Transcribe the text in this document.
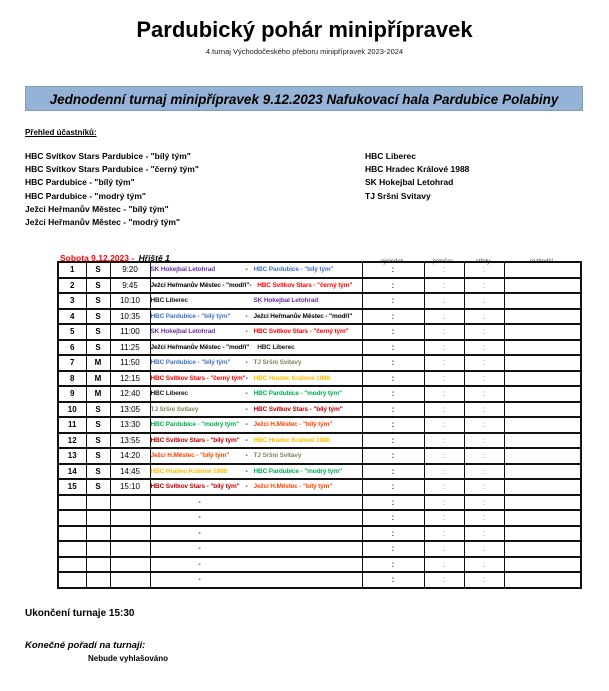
Pardubický pohár minipřípravek
4.turnaj Východočeského přeboru minipřípravek 2023-2024
Jednodenní turnaj minipřípravek 9.12.2023 Nafukovací hala Pardubice Polabiny
Přehled účastníků:
HBC Svítkov Stars Pardubice - "bílý tým"
HBC Svítkov Stars Pardubice - "černý tým"
HBC Pardubice - "bílý tým"
HBC Pardubice - "modrý tým"
Ježci Heřmanův Městec - "bílý tým"
Ježci Heřmanův Městec - "modrý tým"
HBC Liberec
HBC Hradec Králové 1988
SK Hokejbal Letohrad
TJ Sršni Svitavy
Sobota 9.12.2023 - Hřiště 1	výsledek	poločas	střely	rozhodčí
1	S	9:20	SK Hokejbal Letohrad - HBC Pardubice - "bílý tým"	:	:	:	
2	S	9:45	Ježci Heřmanův Městec - "modří" - HBC Svítkov Stars - "černý tým"	:	:	:	
3	S	10:10	HBC Liberec SK Hokejbal Letohrad	:	:	:	
4	S	10:35	HBC Pardubice - "bílý tým" - Ježci Heřmanův Městec - "modří"	:	:	:	
5	S	11:00	SK Hokejbal Letohrad - HBC Svítkov Stars - "černý tým"	:	:	:	
6	S	11:25	Ježci Heřmanův Městec - "modří" HBC Liberec	:	:	:	
7	M	11:50	HBC Pardubice - "bílý tým" - TJ Sršni Svitavy	:	:	:	
8	M	12:15	HBC Svítkov Stars - "černý tým" - HBC Hradec Králové 1988	:	:	:	
9	M	12:40	HBC Liberec - HBC Pardubice - "modrý tým"	:	:	:	
10	S	13:05	TJ Sršni Svitavy - HBC Svítkov Stars - "bílý tým"	:	:	:	
11	S	13:30	HBC Pardubice - "modrý tým" - Ježci H.Městec - "bílý tým"	:	:	:	
12	S	13:55	HBC Svítkov Stars - "bílý tým" - HBC Hradec Králové 1988	:	:	:	
13	S	14:20	Ježci H.Městec - "bílý tým" - TJ Sršni Svitavy	:	:	:	
14	S	14:45	HBC Hradec Králové 1988 - HBC Pardubice - "modrý tým"	:	:	:	
15	S	15:10	HBC Svítkov Stars - "bílý tým" - Ježci H.Městec - "bílý tým"	:	:	:	

			-	:	:	:	

			-	:	:	:	

			-	:	:	:	

			-	:	:	:	

			-	:	:	:	

			-	:	:	:	
Ukončení turnaje 15:30
Konečné pořadí na turnaji:
Nebude vyhlašováno
